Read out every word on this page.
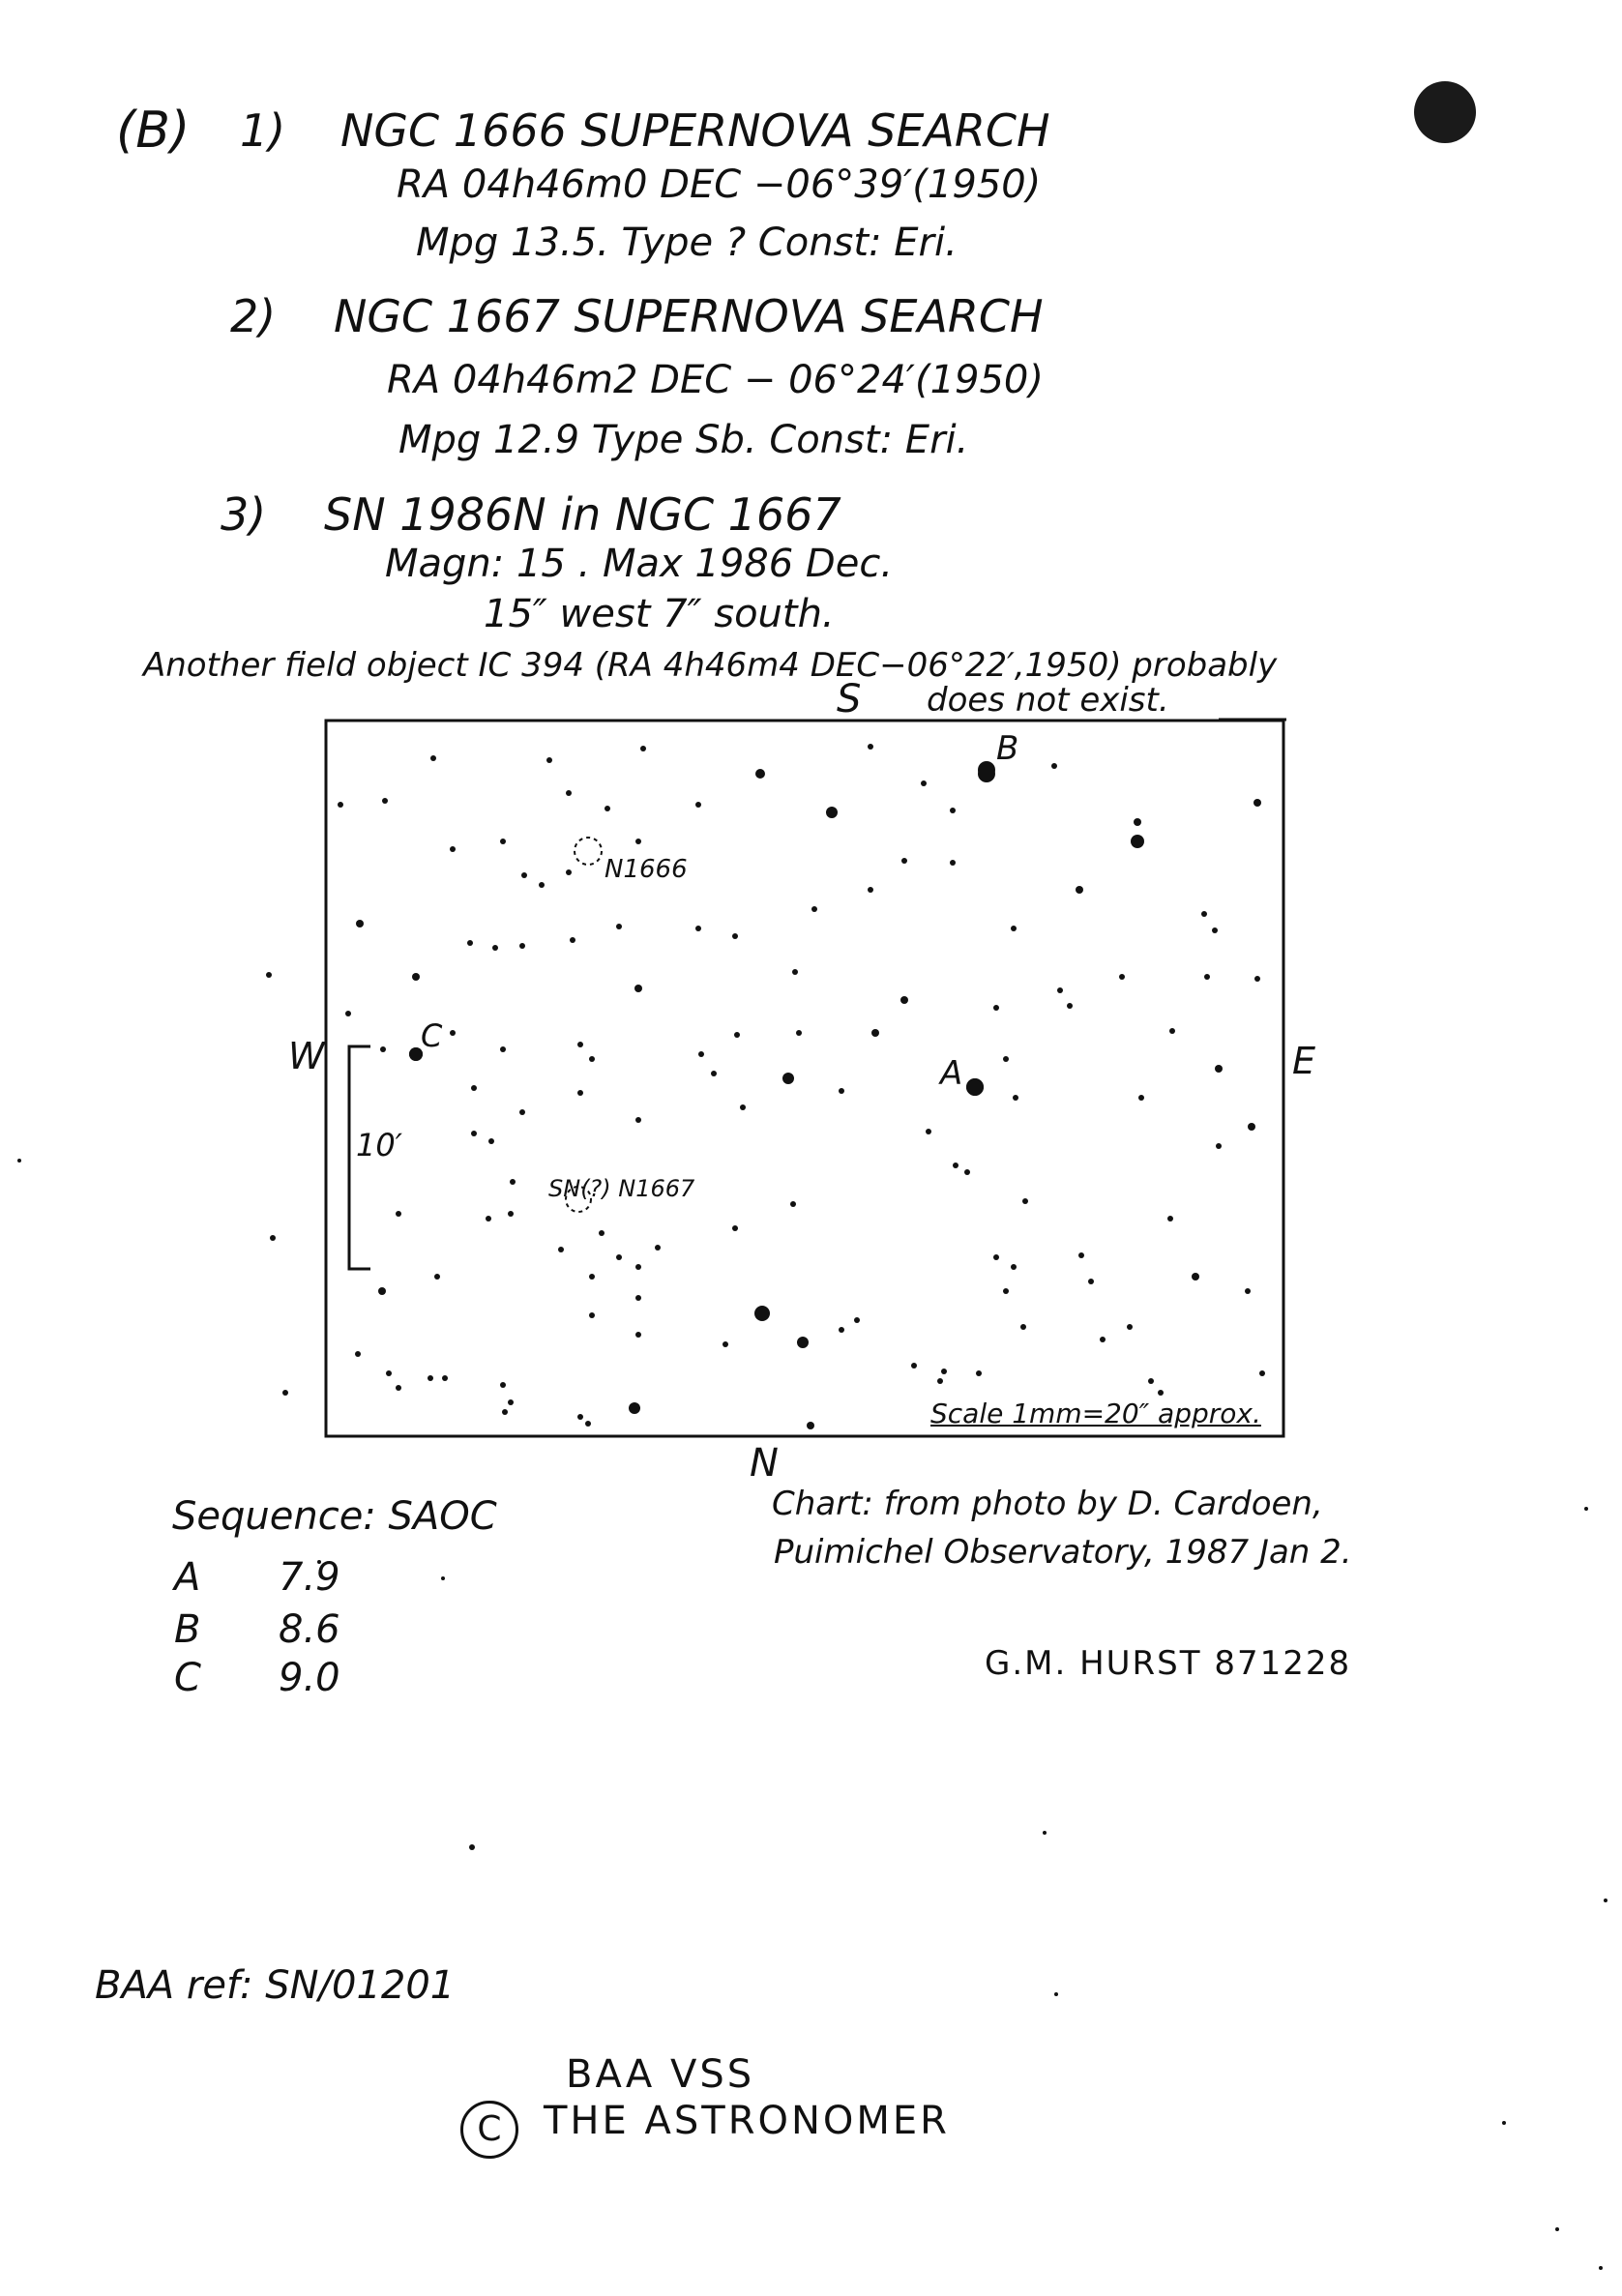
(B) 1) NGC 1666 SUPERNOVA SEARCH
RA 04h46m0 DEC −06°39′(1950)
Mpg 13.5. Type ? Const: Eri.
2) NGC 1667 SUPERNOVA SEARCH
RA 04h46m2 DEC − 06°24′(1950)
Mpg 12.9 Type Sb. Const: Eri.
3) SN 1986N in NGC 1667
Magn: 15 . Max 1986 Dec.
15″ west 7″ south.
Another field object IC 394 (RA 4h46m4 DEC−06°22′,1950) probably
does not exist.
S
N
W	E
N1666
SN(?) N1667
A
B
C
10′
Scale 1mm=20″ approx.
Sequence: SAOC
A 7.9
B 8.6
C 9.0
Chart: from photo by D. Cardoen,
Puimichel Observatory, 1987 Jan 2.
G.M. HURST 871228
BAA ref: SN/01201
BAA VSS
C	THE ASTRONOMER
